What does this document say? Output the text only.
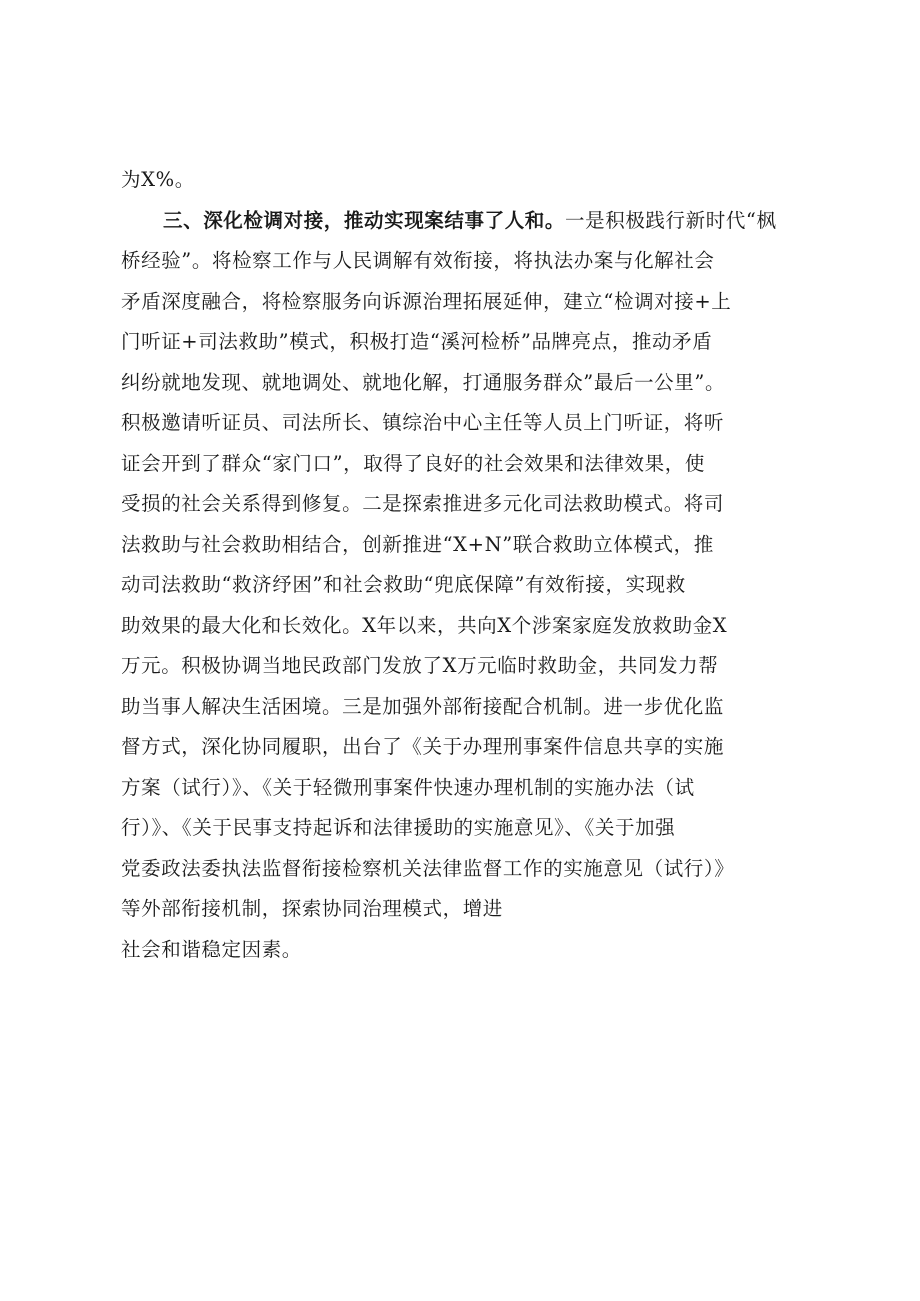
为X%。
三、深化检调对接，推动实现案结事了人和。一是积极践行新时代“枫
桥经验”。将检察工作与人民调解有效衔接，将执法办案与化解社会
矛盾深度融合，将检察服务向诉源治理拓展延伸，建立“检调对接+上
门听证+司法救助”模式，积极打造“溪河检桥”品牌亮点，推动矛盾
纠纷就地发现、就地调处、就地化解，打通服务群众”最后一公里”。
积极邀请听证员、司法所长、镇综治中心主任等人员上门听证，将听
证会开到了群众“家门口”，取得了良好的社会效果和法律效果，使
受损的社会关系得到修复。二是探索推进多元化司法救助模式。将司
法救助与社会救助相结合，创新推进“X+N”联合救助立体模式，推
动司法救助“救济纾困”和社会救助“兜底保障”有效衔接，实现救
助效果的最大化和长效化。X年以来，共向X个涉案家庭发放救助金X
万元。积极协调当地民政部门发放了X万元临时救助金，共同发力帮
助当事人解决生活困境。三是加强外部衔接配合机制。进一步优化监
督方式，深化协同履职，出台了《关于办理刑事案件信息共享的实施
方案（试行）》、《关于轻微刑事案件快速办理机制的实施办法（试
行）》、《关于民事支持起诉和法律援助的实施意见》、《关于加强
党委政法委执法监督衔接检察机关法律监督工作的实施意见（试行）》
等外部衔接机制，探索协同治理模式，增进
社会和谐稳定因素。
